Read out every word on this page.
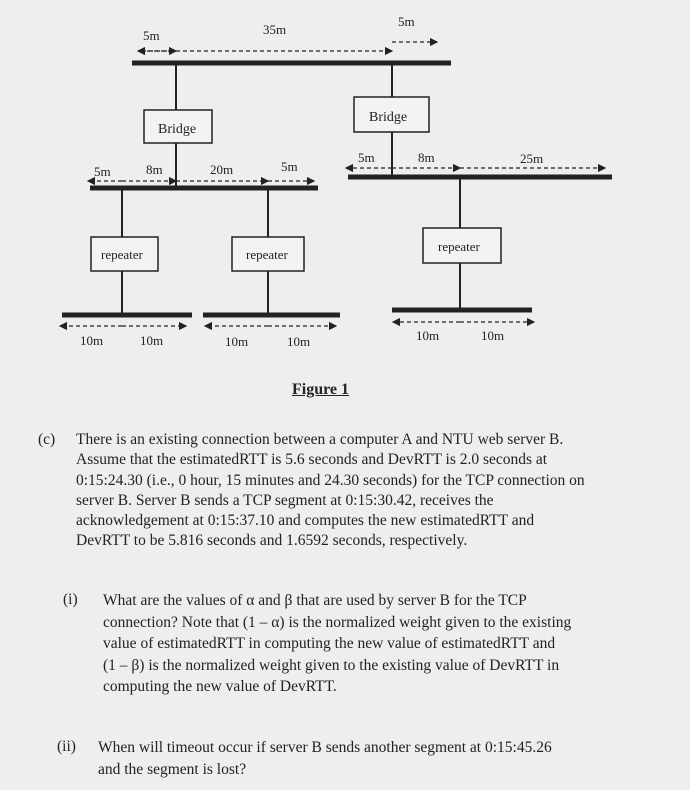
5m	35m
5m
Bridge
Bridge
5m	8m	20m	5m
5m	8m	25m
repeater	repeater
repeater
10m	10m	10m	10m	10m	10m
Figure 1
(c) There is an existing connection between a computer A and NTU web server B.
Assume that the estimatedRTT is 5.6 seconds and DevRTT is 2.0 seconds at
0:15:24.30 (i.e., 0 hour, 15 minutes and 24.30 seconds) for the TCP connection on
server B. Server B sends a TCP segment at 0:15:30.42, receives the
acknowledgement at 0:15:37.10 and computes the new estimatedRTT and
DevRTT to be 5.816 seconds and 1.6592 seconds, respectively.
(i) What are the values of α and β that are used by server B for the TCP
connection? Note that (1 – α) is the normalized weight given to the existing
value of estimatedRTT in computing the new value of estimatedRTT and
(1 – β) is the normalized weight given to the existing value of DevRTT in
computing the new value of DevRTT.
(ii) When will timeout occur if server B sends another segment at 0:15:45.26
and the segment is lost?
